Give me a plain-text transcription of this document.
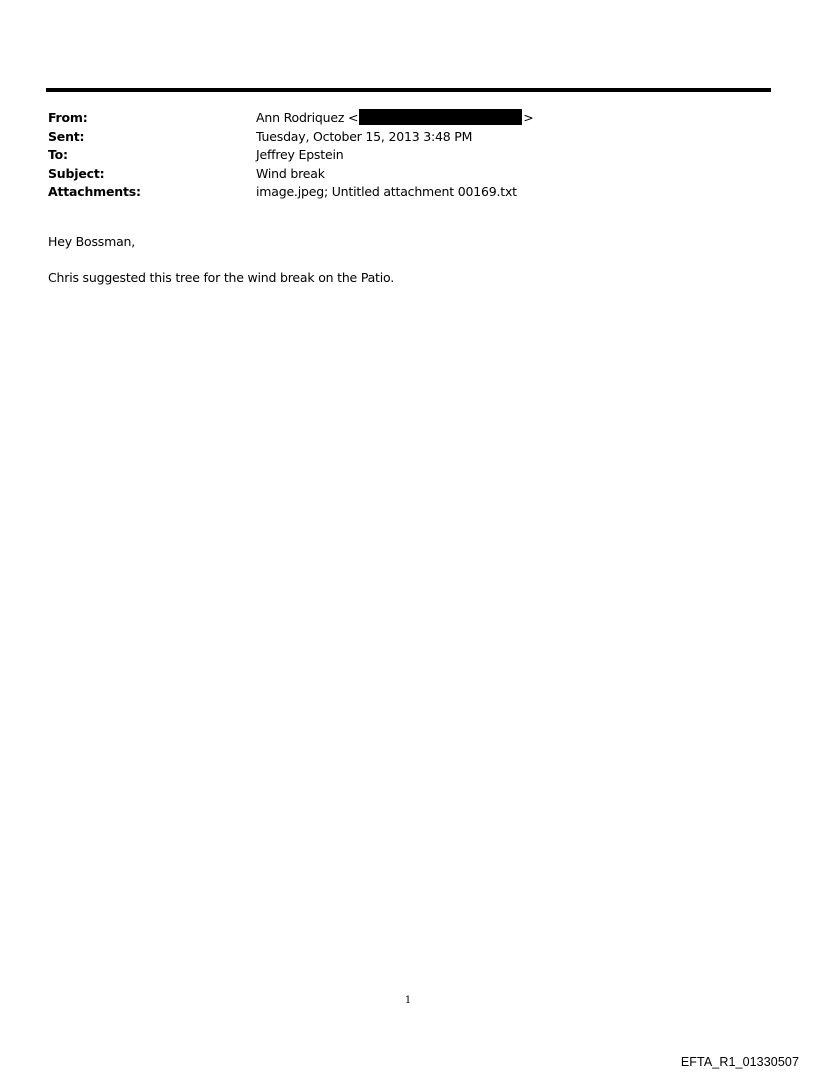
From:	Ann Rodriquez <	>
Sent:	Tuesday, October 15, 2013 3:48 PM
To:	Jeffrey Epstein
Subject:	Wind break
Attachments:	image.jpeg; Untitled attachment 00169.txt
Hey Bossman,
Chris suggested this tree for the wind break on the Patio.
1
EFTA_R1_01330507
